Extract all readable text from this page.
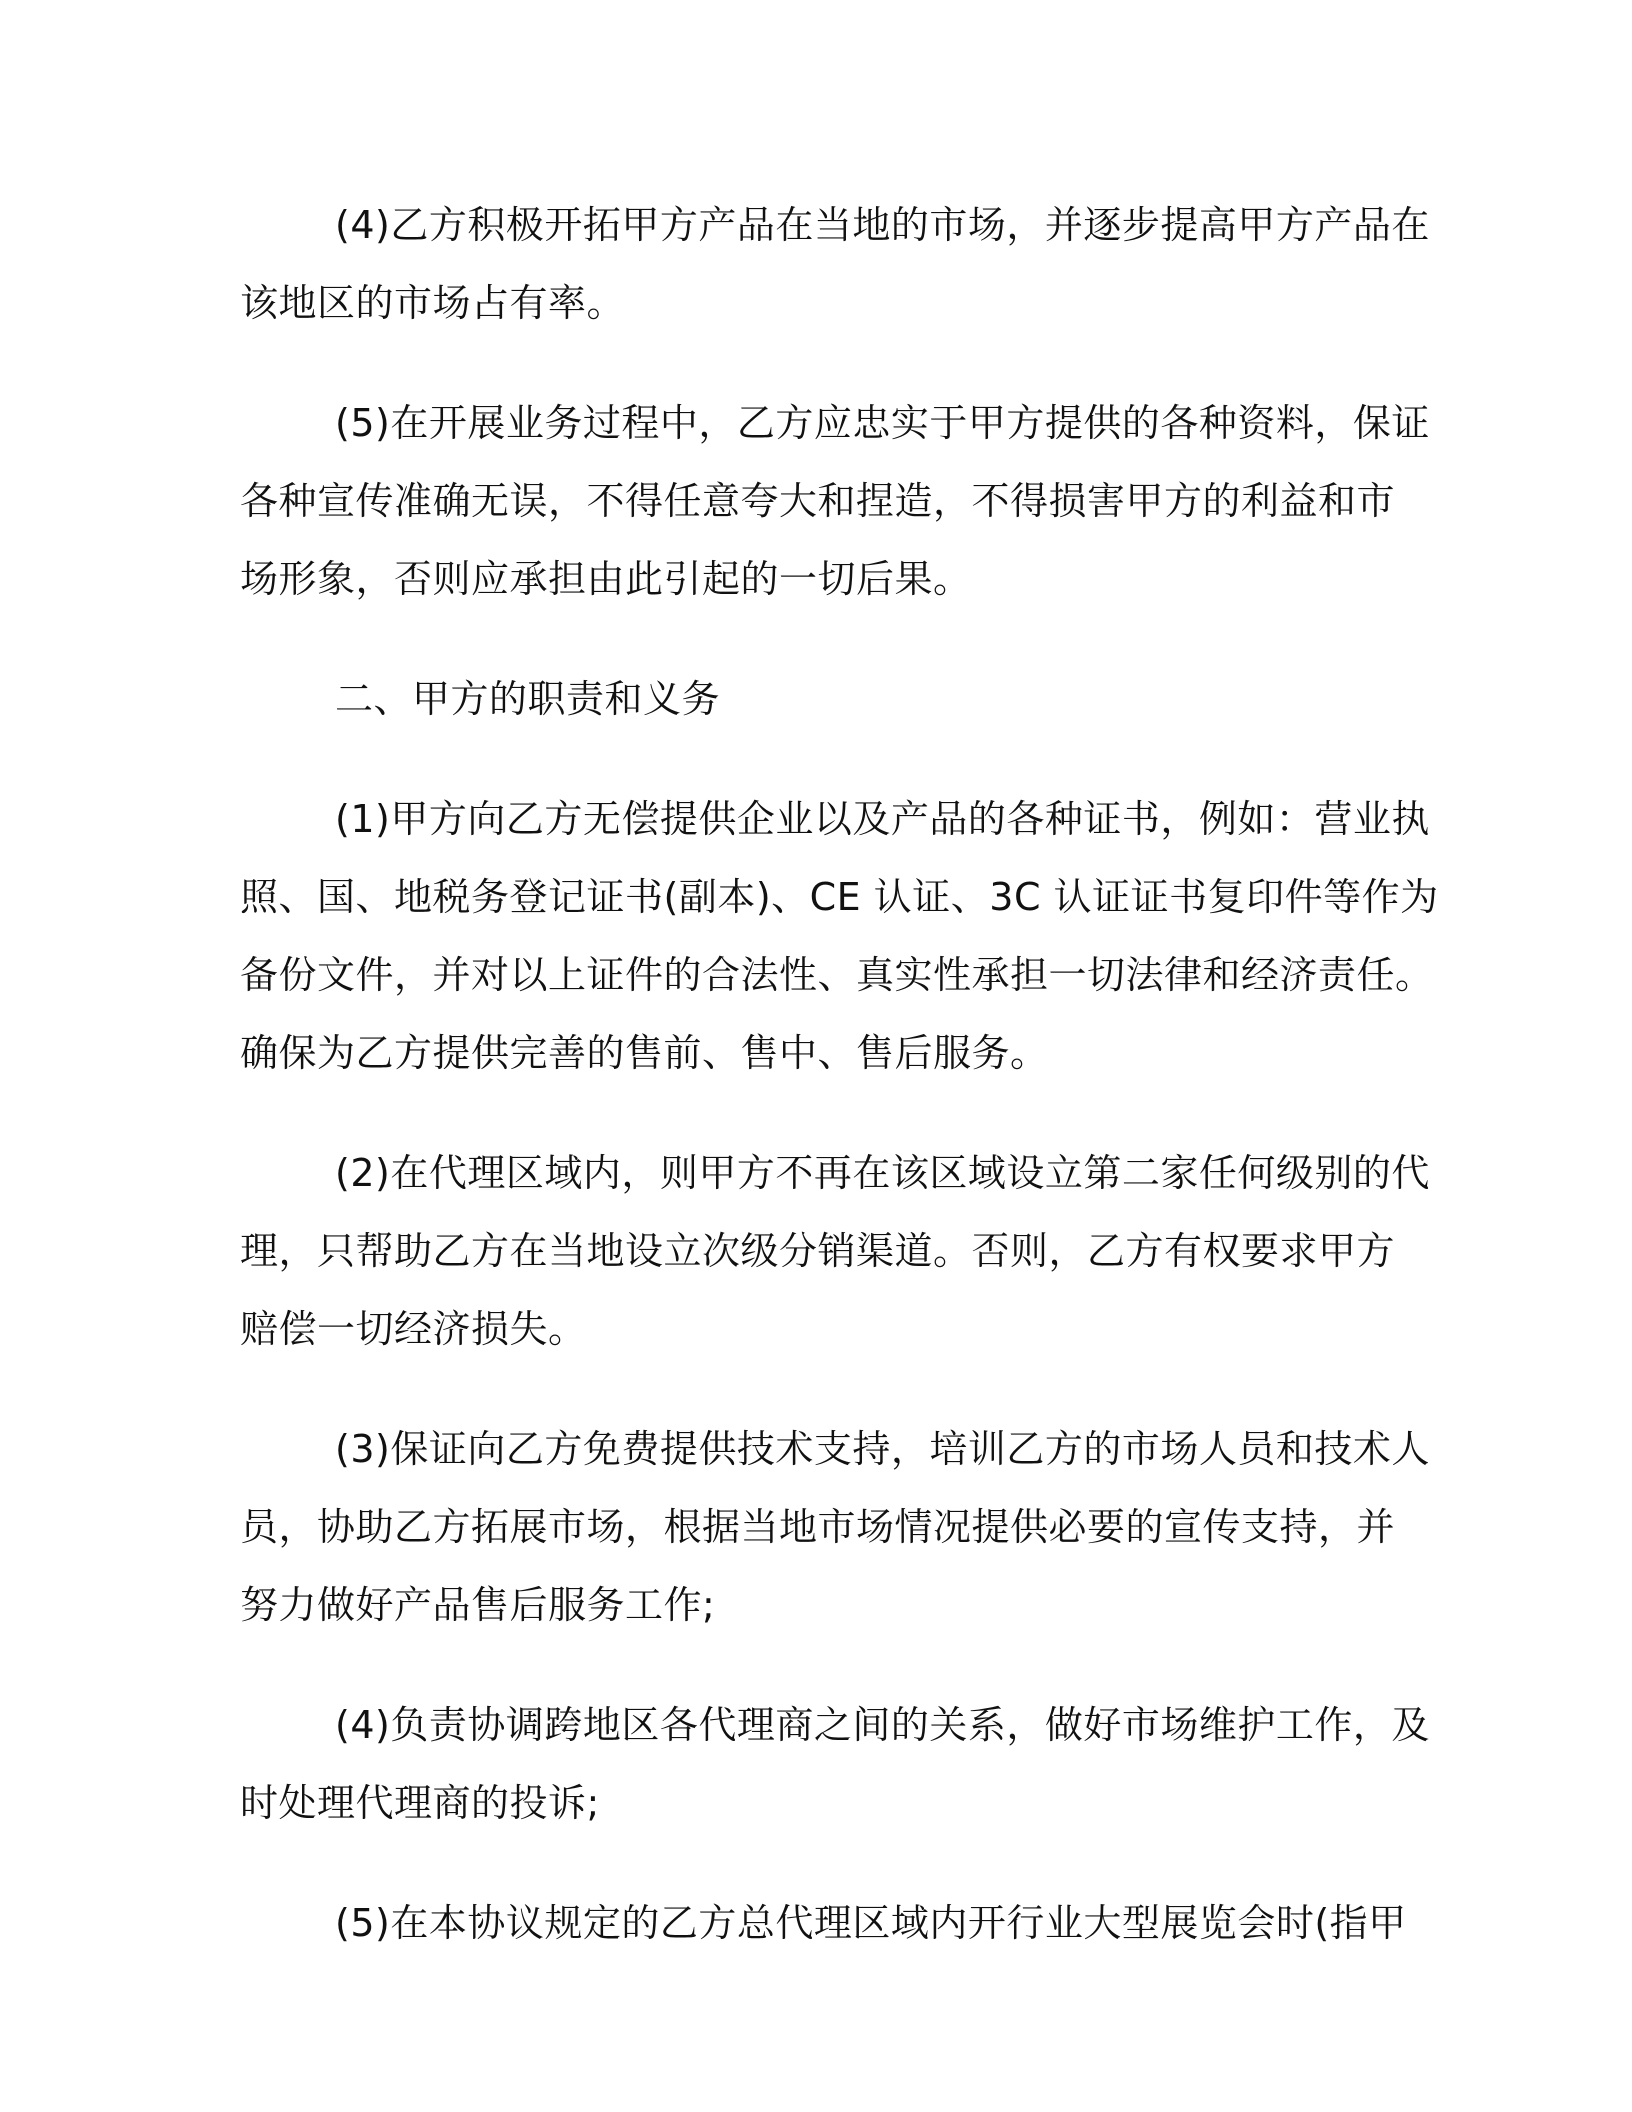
(4)乙方积极开拓甲方产品在当地的市场，并逐步提高甲方产品在
该地区的市场占有率。

(5)在开展业务过程中，乙方应忠实于甲方提供的各种资料，保证
各种宣传准确无误，不得任意夸大和捏造，不得损害甲方的利益和市
场形象，否则应承担由此引起的一切后果。

二、甲方的职责和义务

(1)甲方向乙方无偿提供企业以及产品的各种证书，例如：营业执
照、国、地税务登记证书(副本)、CE 认证、3C 认证证书复印件等作为
备份文件，并对以上证件的合法性、真实性承担一切法律和经济责任。
确保为乙方提供完善的售前、售中、售后服务。

(2)在代理区域内，则甲方不再在该区域设立第二家任何级别的代
理，只帮助乙方在当地设立次级分销渠道。否则，乙方有权要求甲方
赔偿一切经济损失。

(3)保证向乙方免费提供技术支持，培训乙方的市场人员和技术人
员，协助乙方拓展市场，根据当地市场情况提供必要的宣传支持，并
努力做好产品售后服务工作;

(4)负责协调跨地区各代理商之间的关系，做好市场维护工作，及
时处理代理商的投诉;

(5)在本协议规定的乙方总代理区域内开行业大型展览会时(指甲
